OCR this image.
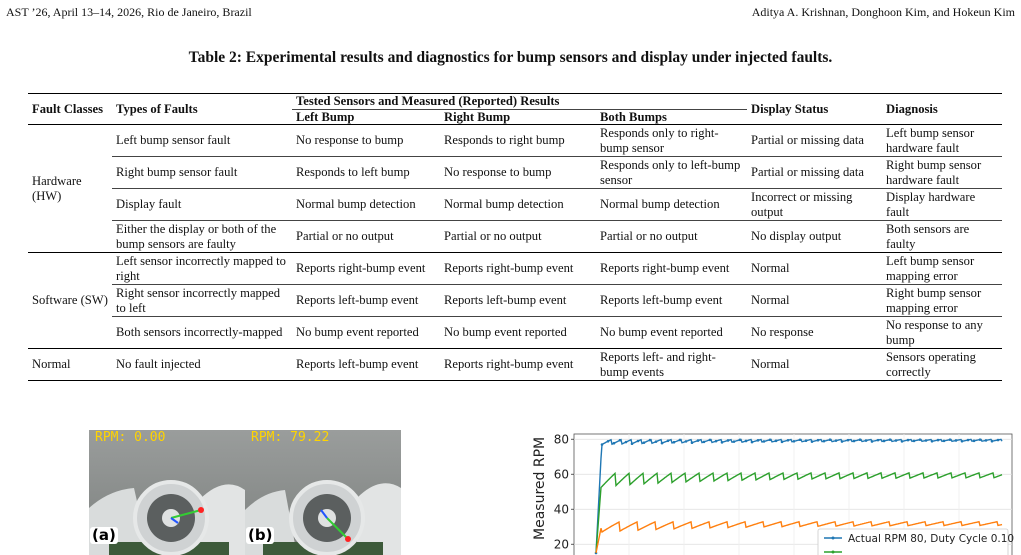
AST ’26, April 13–14, 2026, Rio de Janeiro, Brazil	Aditya A. Krishnan, Donghoon Kim, and Hokeun Kim
Table 2: Experimental results and diagnostics for bump sensors and display under injected faults.
Fault Classes	Types of Faults	Tested Sensors and Measured (Reported) Results			Display Status	Diagnosis
		Left Bump	Right Bump	Both Bumps		
Hardware (HW)	Left bump sensor fault	No response to bump	Responds to right bump	Responds only to right-bump sensor	Partial or missing data	Left bump sensor hardware fault
	Right bump sensor fault	Responds to left bump	No response to bump	Responds only to left-bump sensor	Partial or missing data	Right bump sensor hardware fault
	Display fault	Normal bump detection	Normal bump detection	Normal bump detection	Incorrect or missing output	Display hardware fault
	Either the display or both of the bump sensors are faulty	Partial or no output	Partial or no output	Partial or no output	No display output	Both sensors are faulty
Software (SW)	Left sensor incorrectly mapped to right	Reports right-bump event	Reports right-bump event	Reports right-bump event	Normal	Left bump sensor mapping error
	Right sensor incorrectly mapped to left	Reports left-bump event	Reports left-bump event	Reports left-bump event	Normal	Right bump sensor mapping error
	Both sensors incorrectly-mapped	No bump event reported	No bump event reported	No bump event reported	No response	No response to any bump
Normal	No fault injected	Reports left-bump event	Reports right-bump event	Reports left- and right-bump events	Normal	Sensors operating correctly
RPM: 0.00
(a)
RPM: 79.22
(b)
20
40
60
80
Measured RPM	Actual RPM 80, Duty Cycle 0.10
